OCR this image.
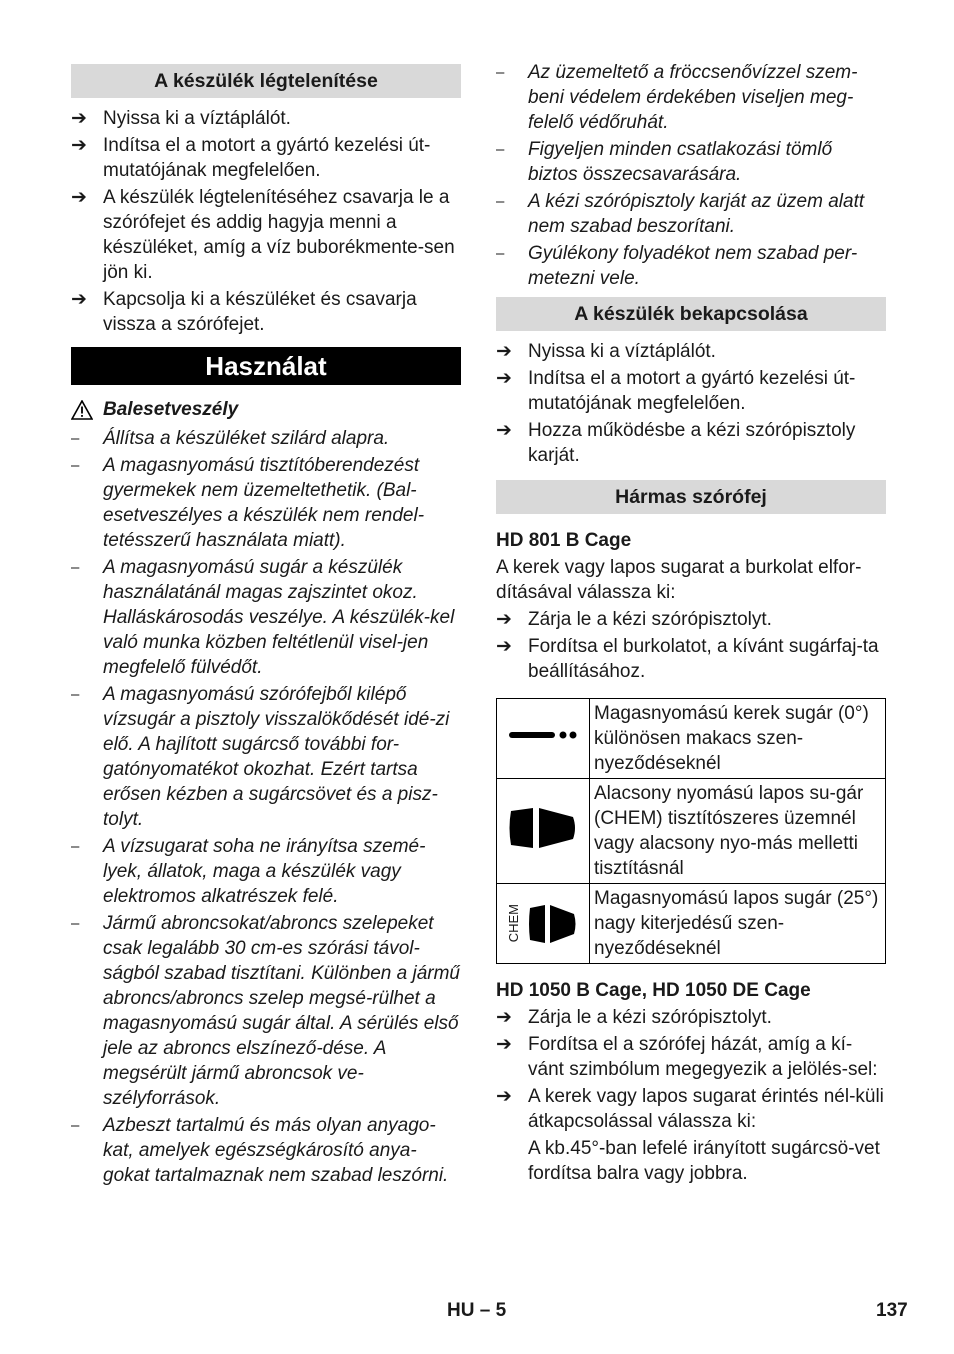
A készülék légtelenítése
➔ Nyissa ki a víztáplálót.
➔ Indítsa el a motort a gyártó kezelési út-mutatójának megfelelően.
➔ A készülék légtelenítéséhez csavarja le a szórófejet és addig hagyja menni a készüléket, amíg a víz buborékmente-sen jön ki.
➔ Kapcsolja ki a készüléket és csavarja vissza a szórófejet.
Használat
Balesetveszély
–	Állítsa a készüléket szilárd alapra.
–	A magasnyomású tisztítóberendezést gyermekek nem üzemeltethetik. (Bal-esetveszélyes a készülék nem rendel-tetésszerű használata miatt).
–	A magasnyomású sugár a készülék használatánál magas zajszintet okoz. Halláskárosodás veszélye. A készülék-kel való munka közben feltétlenül visel-jen megfelelő fülvédőt.
–	A magasnyomású szórófejből kilépő vízsugár a pisztoly visszalökődését idé-zi elő. A hajlított sugárcső további for-gatónyomatékot okozhat. Ezért tartsa erősen kézben a sugárcsövet és a pisz-tolyt.
–	A vízsugarat soha ne irányítsa szemé-lyek, állatok, maga a készülék vagy elektromos alkatrészek felé.
–	Jármű abroncsokat/abroncs szelepeket csak legalább 30 cm-es szórási távol-ságból szabad tisztítani. Különben a jármű abroncs/abroncs szelep megsé-rülhet a magasnyomású sugár által. A sérülés első jele az abroncs elszínező-dése. A megsérült jármű abroncsok ve-szélyforrások.
–	Azbeszt tartalmú és más olyan anyago-kat, amelyek egészségkárosító anya-gokat tartalmaznak nem szabad leszórni.
–	Az üzemeltető a fröccsenővízzel szem-beni védelem érdekében viseljen meg-felelő védőruhát.
–	Figyeljen minden csatlakozási tömlő biztos összecsavarására.
–	A kézi szórópisztoly karját az üzem alatt nem szabad beszorítani.
–	Gyúlékony folyadékot nem szabad per-metezni vele.
A készülék bekapcsolása
➔ Nyissa ki a víztáplálót.
➔ Indítsa el a motort a gyártó kezelési út-mutatójának megfelelően.
➔ Hozza működésbe a kézi szórópisztoly karját.
Hármas szórófej
HD 801 B Cage
A kerek vagy lapos sugarat a burkolat elfor-dításával válassza ki:
➔ Zárja le a kézi szórópisztolyt.
➔ Fordítsa el burkolatot, a kívánt sugárfaj-ta beállításához.
	Magasnyomású kerek sugár (0°) különösen makacs szen-nyeződéseknél
	Alacsony nyomású lapos su-gár (CHEM) tisztítószeres üzemnél vagy alacsony nyo-más melletti tisztításnál

CHEM	Magasnyomású lapos sugár (25°) nagy kiterjedésű szen-nyeződéseknél
HD 1050 B Cage, HD 1050 DE Cage
➔ Zárja le a kézi szórópisztolyt.
➔ Fordítsa el a szórófej házát, amíg a kí-vánt szimbólum megegyezik a jelölés-sel:
➔ A kerek vagy lapos sugarat érintés nél-küli átkapcsolással válassza ki:
A kb.45°-ban lefelé irányított sugárcsö-vet fordítsa balra vagy jobbra.
HU – 5	137
